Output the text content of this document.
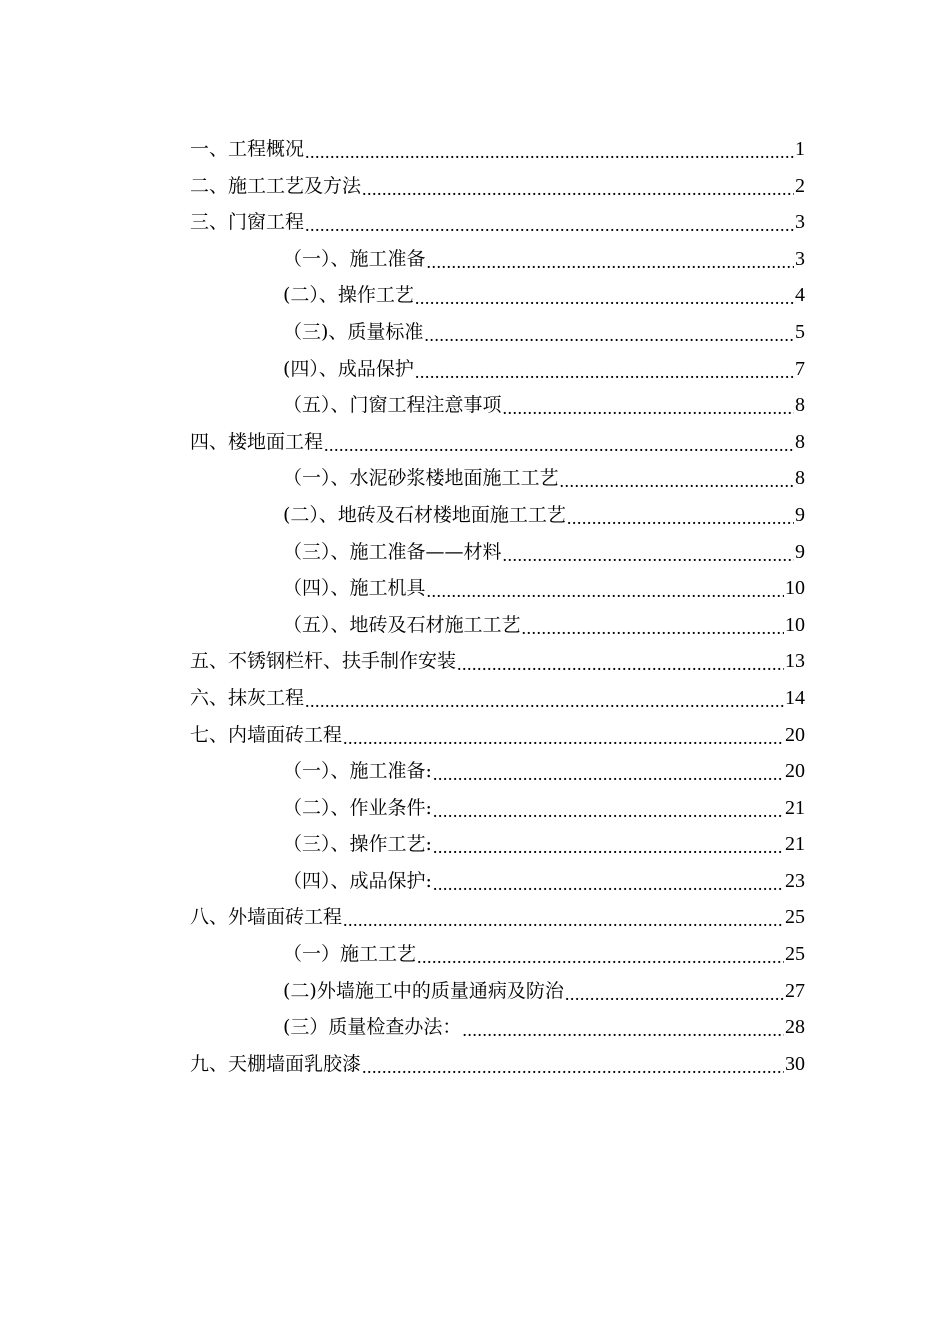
一、工程概况 .....	1
二、施工工艺及方法 .....	2
三、门窗工程 .....	3
（一）、施工准备 .....	3
(二）、操作工艺 .....	4
（三)、质量标准 .....	5
(四）、成品保护 .....	7
（五）、门窗工程注意事项 .....	8
四、楼地面工程 .....	8
（一）、水泥砂浆楼地面施工工艺 .....	8
(二）、地砖及石材楼地面施工工艺 .....	9
（三）、施工准备——材料 .....	9
（四）、施工机具 .....	10
（五）、地砖及石材施工工艺 .....	10
五、不锈钢栏杆、扶手制作安装 .....	13
六、抹灰工程 .....	14
七、内墙面砖工程 .....	20
（一）、施工准备: .....	20
（二）、作业条件: .....	21
（三）、操作工艺: .....	21
（四）、成品保护: .....	23
八、外墙面砖工程 .....	25
（一）施工工艺 .....	25
(二)外墙施工中的质量通病及防治 .....	27
(三）质量检查办法： .....	28
九、天棚墙面乳胶漆 .....	30
